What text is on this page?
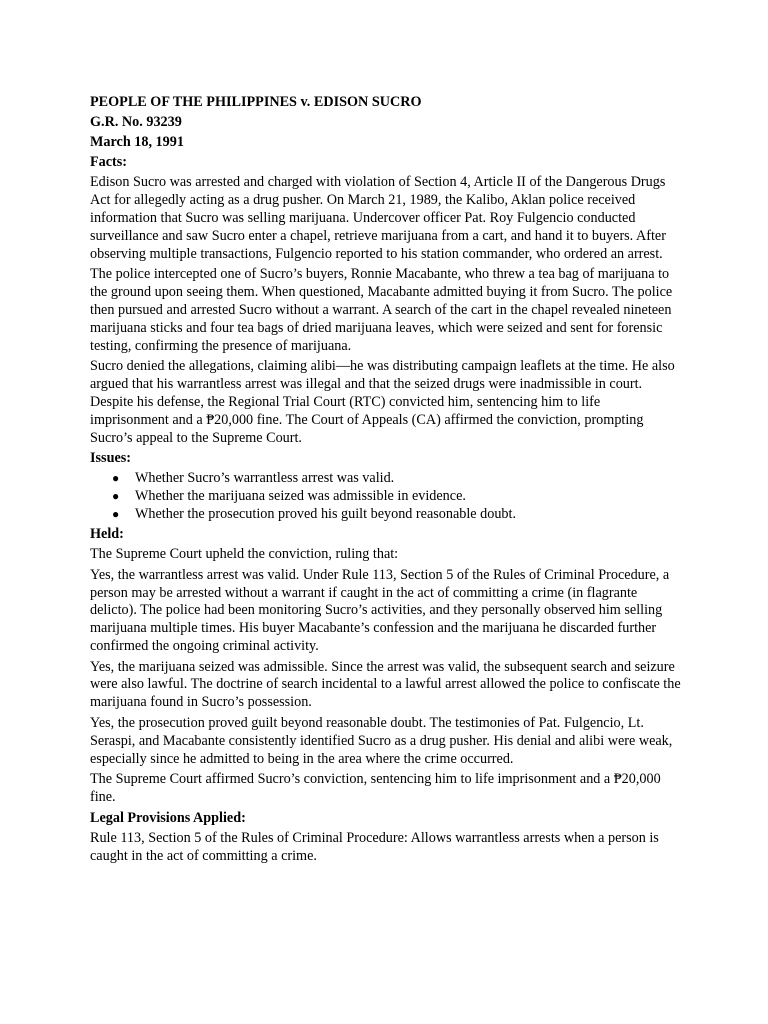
PEOPLE OF THE PHILIPPINES v. EDISON SUCRO
G.R. No. 93239
March 18, 1991
Facts:

Edison Sucro was arrested and charged with violation of Section 4, Article II of the Dangerous Drugs Act for allegedly acting as a drug pusher. On March 21, 1989, the Kalibo, Aklan police received information that Sucro was selling marijuana. Undercover officer Pat. Roy Fulgencio conducted surveillance and saw Sucro enter a chapel, retrieve marijuana from a cart, and hand it to buyers. After observing multiple transactions, Fulgencio reported to his station commander, who ordered an arrest.

The police intercepted one of Sucro’s buyers, Ronnie Macabante, who threw a tea bag of marijuana to the ground upon seeing them. When questioned, Macabante admitted buying it from Sucro. The police then pursued and arrested Sucro without a warrant. A search of the cart in the chapel revealed nineteen marijuana sticks and four tea bags of dried marijuana leaves, which were seized and sent for forensic testing, confirming the presence of marijuana.

Sucro denied the allegations, claiming alibi—he was distributing campaign leaflets at the time. He also argued that his warrantless arrest was illegal and that the seized drugs were inadmissible in court. Despite his defense, the Regional Trial Court (RTC) convicted him, sentencing him to life imprisonment and a ₱20,000 fine. The Court of Appeals (CA) affirmed the conviction, prompting Sucro’s appeal to the Supreme Court.

Issues:
● Whether Sucro’s warrantless arrest was valid.
● Whether the marijuana seized was admissible in evidence.
● Whether the prosecution proved his guilt beyond reasonable doubt.
Held:

The Supreme Court upheld the conviction, ruling that:

Yes, the warrantless arrest was valid. Under Rule 113, Section 5 of the Rules of Criminal Procedure, a person may be arrested without a warrant if caught in the act of committing a crime (in flagrante delicto). The police had been monitoring Sucro’s activities, and they personally observed him selling marijuana multiple times. His buyer Macabante’s confession and the marijuana he discarded further confirmed the ongoing criminal activity.

Yes, the marijuana seized was admissible. Since the arrest was valid, the subsequent search and seizure were also lawful. The doctrine of search incidental to a lawful arrest allowed the police to confiscate the marijuana found in Sucro’s possession.

Yes, the prosecution proved guilt beyond reasonable doubt. The testimonies of Pat. Fulgencio, Lt. Seraspi, and Macabante consistently identified Sucro as a drug pusher. His denial and alibi were weak, especially since he admitted to being in the area where the crime occurred.

The Supreme Court affirmed Sucro’s conviction, sentencing him to life imprisonment and a ₱20,000 fine.

Legal Provisions Applied:

Rule 113, Section 5 of the Rules of Criminal Procedure: Allows warrantless arrests when a person is caught in the act of committing a crime.
